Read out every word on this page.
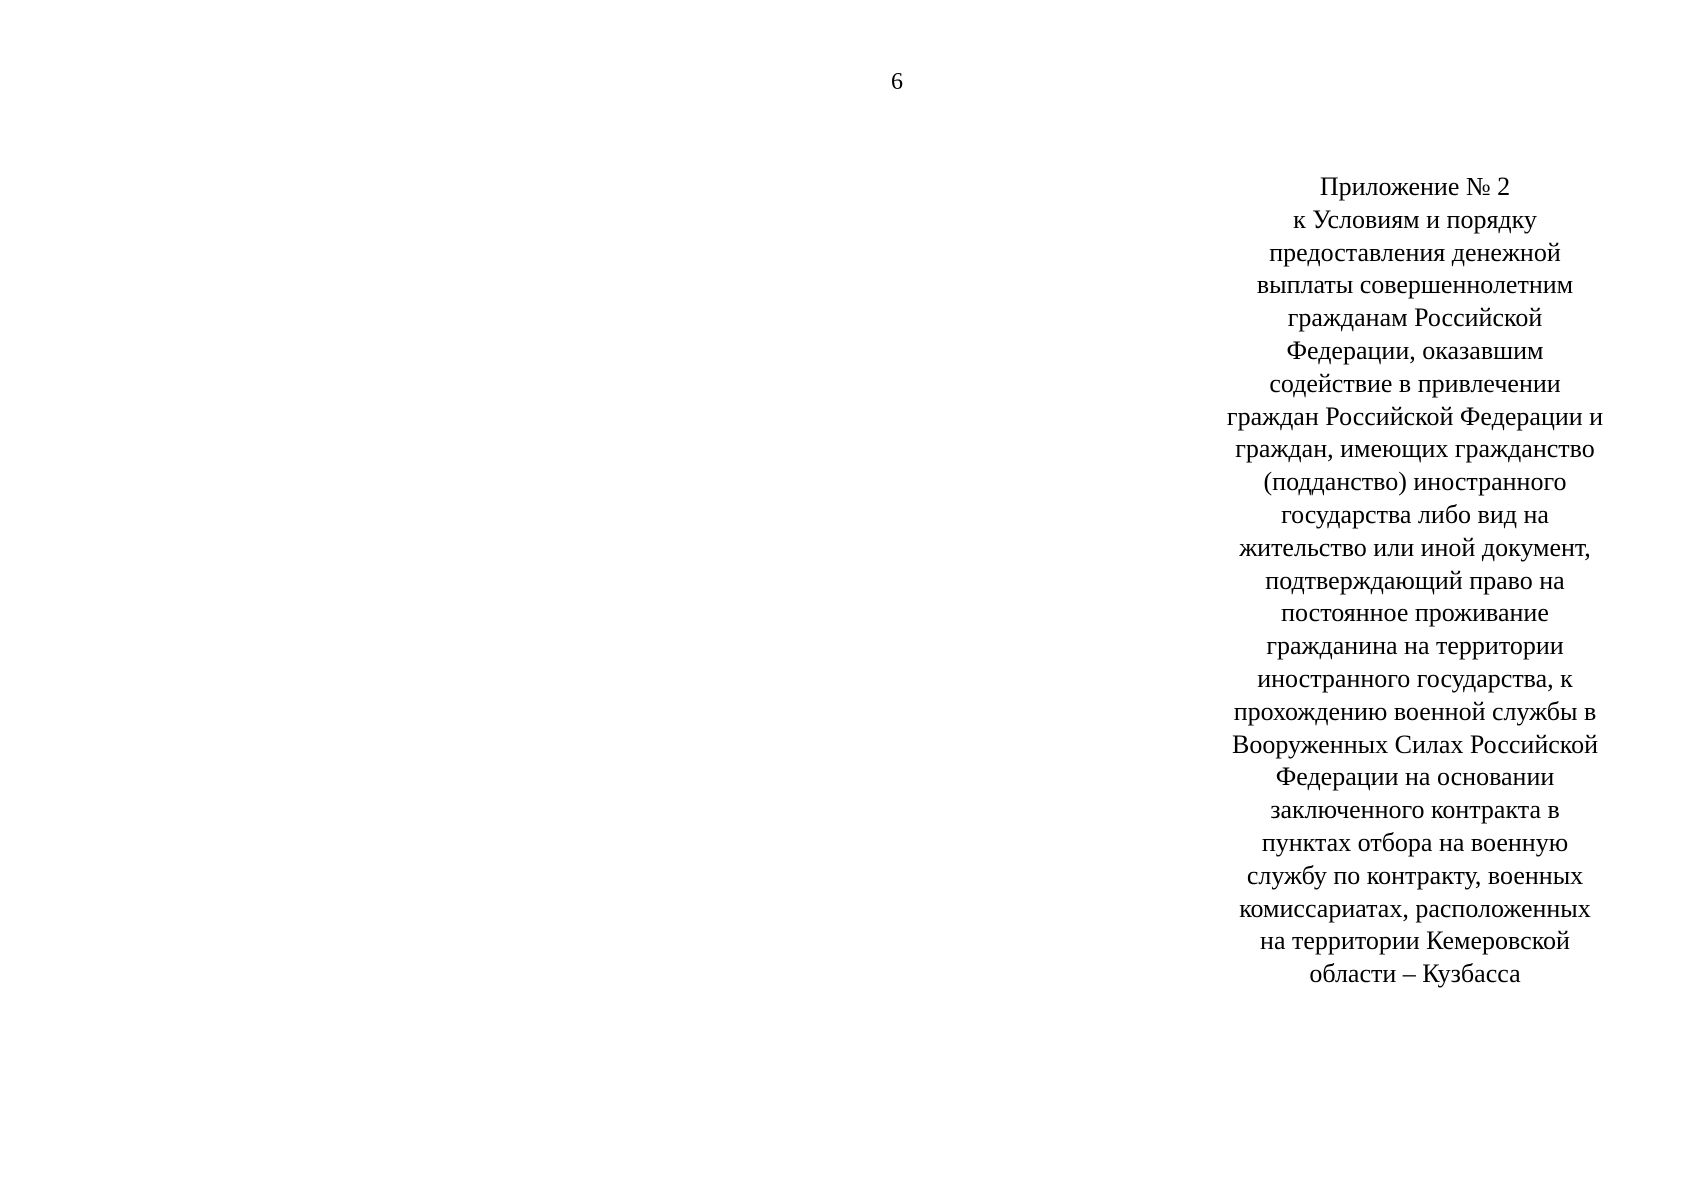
6
Приложение № 2
к Условиям и порядку
предоставления денежной
выплаты совершеннолетним
гражданам Российской
Федерации, оказавшим
содействие в привлечении
граждан Российской Федерации и
граждан, имеющих гражданство
(подданство) иностранного
государства либо вид на
жительство или иной документ,
подтверждающий право на
постоянное проживание
гражданина на территории
иностранного государства, к
прохождению военной службы в
Вооруженных Силах Российской
Федерации на основании
заключенного контракта в
пунктах отбора на военную
службу по контракту, военных
комиссариатах, расположенных
на территории Кемеровской
области – Кузбасса
